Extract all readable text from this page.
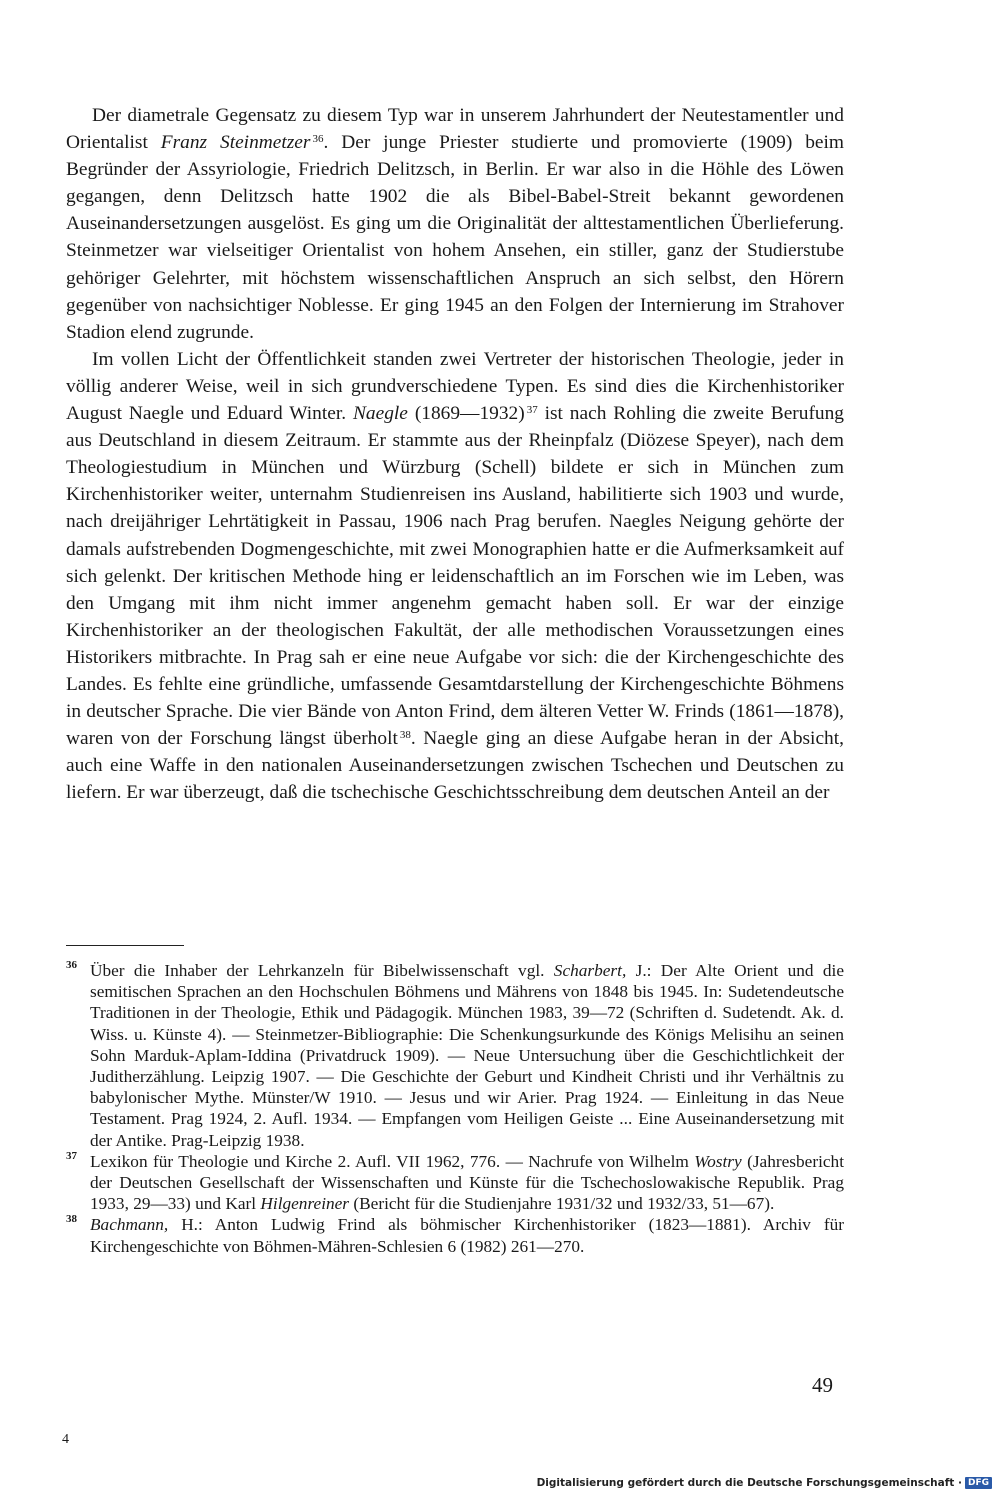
Der diametrale Gegensatz zu diesem Typ war in unserem Jahrhundert der Neutestamentler und Orientalist Franz Steinmetzer $^{36}$. Der junge Priester studierte und promovierte (1909) beim Begründer der Assyriologie, Friedrich Delitzsch, in Berlin. Er war also in die Höhle des Löwen gegangen, denn Delitzsch hatte 1902 die als Bibel-Babel-Streit bekannt gewordenen Auseinandersetzungen ausgelöst. Es ging um die Originalität der alttestamentlichen Überlieferung. Steinmetzer war vielseitiger Orientalist von hohem Ansehen, ein stiller, ganz der Studierstube gehöriger Gelehrter, mit höchstem wissenschaftlichen Anspruch an sich selbst, den Hörern gegenüber von nachsichtiger Noblesse. Er ging 1945 an den Folgen der Internierung im Strahover Stadion elend zugrunde.

Im vollen Licht der Öffentlichkeit standen zwei Vertreter der historischen Theologie, jeder in völlig anderer Weise, weil in sich grundverschiedene Typen. Es sind dies die Kirchenhistoriker August Naegle und Eduard Winter. Naegle (1869—1932) $^{37}$ ist nach Rohling die zweite Berufung aus Deutschland in diesem Zeitraum. Er stammte aus der Rheinpfalz (Diözese Speyer), nach dem Theologiestudium in München und Würzburg (Schell) bildete er sich in München zum Kirchenhistoriker weiter, unternahm Studienreisen ins Ausland, habilitierte sich 1903 und wurde, nach dreijähriger Lehrtätigkeit in Passau, 1906 nach Prag berufen. Naegles Neigung gehörte der damals aufstrebenden Dogmengeschichte, mit zwei Monographien hatte er die Aufmerksamkeit auf sich gelenkt. Der kritischen Methode hing er leidenschaftlich an im Forschen wie im Leben, was den Umgang mit ihm nicht immer angenehm gemacht haben soll. Er war der einzige Kirchenhistoriker an der theologischen Fakultät, der alle methodischen Voraussetzungen eines Historikers mitbrachte. In Prag sah er eine neue Aufgabe vor sich: die der Kirchengeschichte des Landes. Es fehlte eine gründliche, umfassende Gesamtdarstellung der Kirchengeschichte Böhmens in deutscher Sprache. Die vier Bände von Anton Frind, dem älteren Vetter W. Frinds (1861—1878), waren von der Forschung längst überholt $^{38}$. Naegle ging an diese Aufgabe heran in der Absicht, auch eine Waffe in den nationalen Auseinandersetzungen zwischen Tschechen und Deutschen zu liefern. Er war überzeugt, daß die tschechische Geschichtsschreibung dem deutschen Anteil an der

36 Über die Inhaber der Lehrkanzeln für Bibelwissenschaft vgl. Scharbert, J.: Der Alte Orient und die semitischen Sprachen an den Hochschulen Böhmens und Mährens von 1848 bis 1945. In: Sudetendeutsche Traditionen in der Theologie, Ethik und Pädagogik. München 1983, 39—72 (Schriften d. Sudetendt. Ak. d. Wiss. u. Künste 4). — Steinmetzer-Bibliographie: Die Schenkungsurkunde des Königs Melisihu an seinen Sohn Marduk-Aplam-Iddina (Privatdruck 1909). — Neue Untersuchung über die Geschichtlichkeit der Juditherzählung. Leipzig 1907. — Die Geschichte der Geburt und Kindheit Christi und ihr Verhältnis zu babylonischer Mythe. Münster/W 1910. — Jesus und wir Arier. Prag 1924. — Einleitung in das Neue Testament. Prag 1924, 2. Aufl. 1934. — Empfangen vom Heiligen Geiste ... Eine Auseinandersetzung mit der Antike. Prag-Leipzig 1938.
37 Lexikon für Theologie und Kirche 2. Aufl. VII 1962, 776. — Nachrufe von Wilhelm Wostry (Jahresbericht der Deutschen Gesellschaft der Wissenschaften und Künste für die Tschechoslowakische Republik. Prag 1933, 29—33) und Karl Hilgenreiner (Bericht für die Studienjahre 1931/32 und 1932/33, 51—67).
38 Bachmann, H.: Anton Ludwig Frind als böhmischer Kirchenhistoriker (1823—1881). Archiv für Kirchengeschichte von Böhmen-Mähren-Schlesien 6 (1982) 261—270.
49
4
Digitalisierung gefördert durch die Deutsche Forschungsgemeinschaft · DFG
